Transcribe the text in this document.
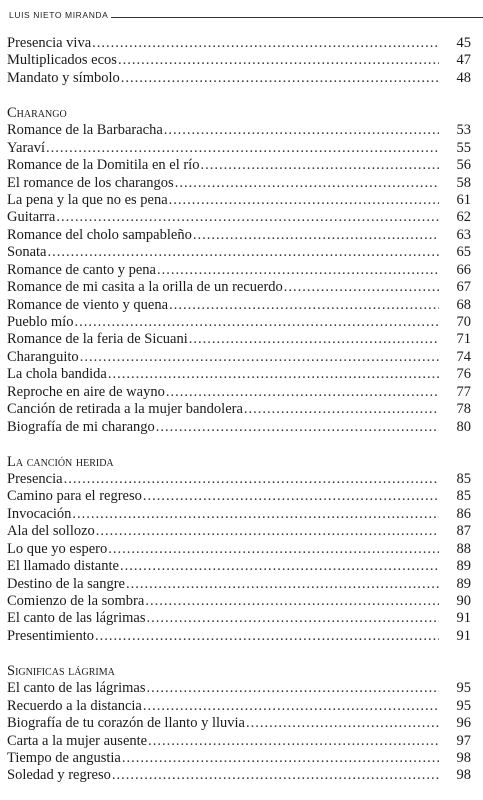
LUIS NIETO MIRANDA
Presencia viva .....	45
Multiplicados ecos .....	47
Mandato y símbolo .....	48
Charango
Romance de la Barbaracha .....	53
Yaraví .....	55
Romance de la Domitila en el río .....	56
El romance de los charangos .....	58
La pena y la que no es pena .....	61
Guitarra .....	62
Romance del cholo sampableño .....	63
Sonata .....	65
Romance de canto y pena .....	66
Romance de mi casita a la orilla de un recuerdo .....	67
Romance de viento y quena .....	68
Pueblo mío .....	70
Romance de la feria de Sicuani .....	71
Charanguito .....	74
La chola bandida .....	76
Reproche en aire de wayno .....	77
Canción de retirada a la mujer bandolera .....	78
Biografía de mi charango .....	80
La canción herida
Presencia .....	85
Camino para el regreso .....	85
Invocación .....	86
Ala del sollozo .....	87
Lo que yo espero .....	88
El llamado distante .....	89
Destino de la sangre .....	89
Comienzo de la sombra .....	90
El canto de las lágrimas .....	91
Presentimiento .....	91
Significas lágrima
El canto de las lágrimas .....	95
Recuerdo a la distancia .....	95
Biografía de tu corazón de llanto y lluvia .....	96
Carta a la mujer ausente .....	97
Tiempo de angustia .....	98
Soledad y regreso .....	98
